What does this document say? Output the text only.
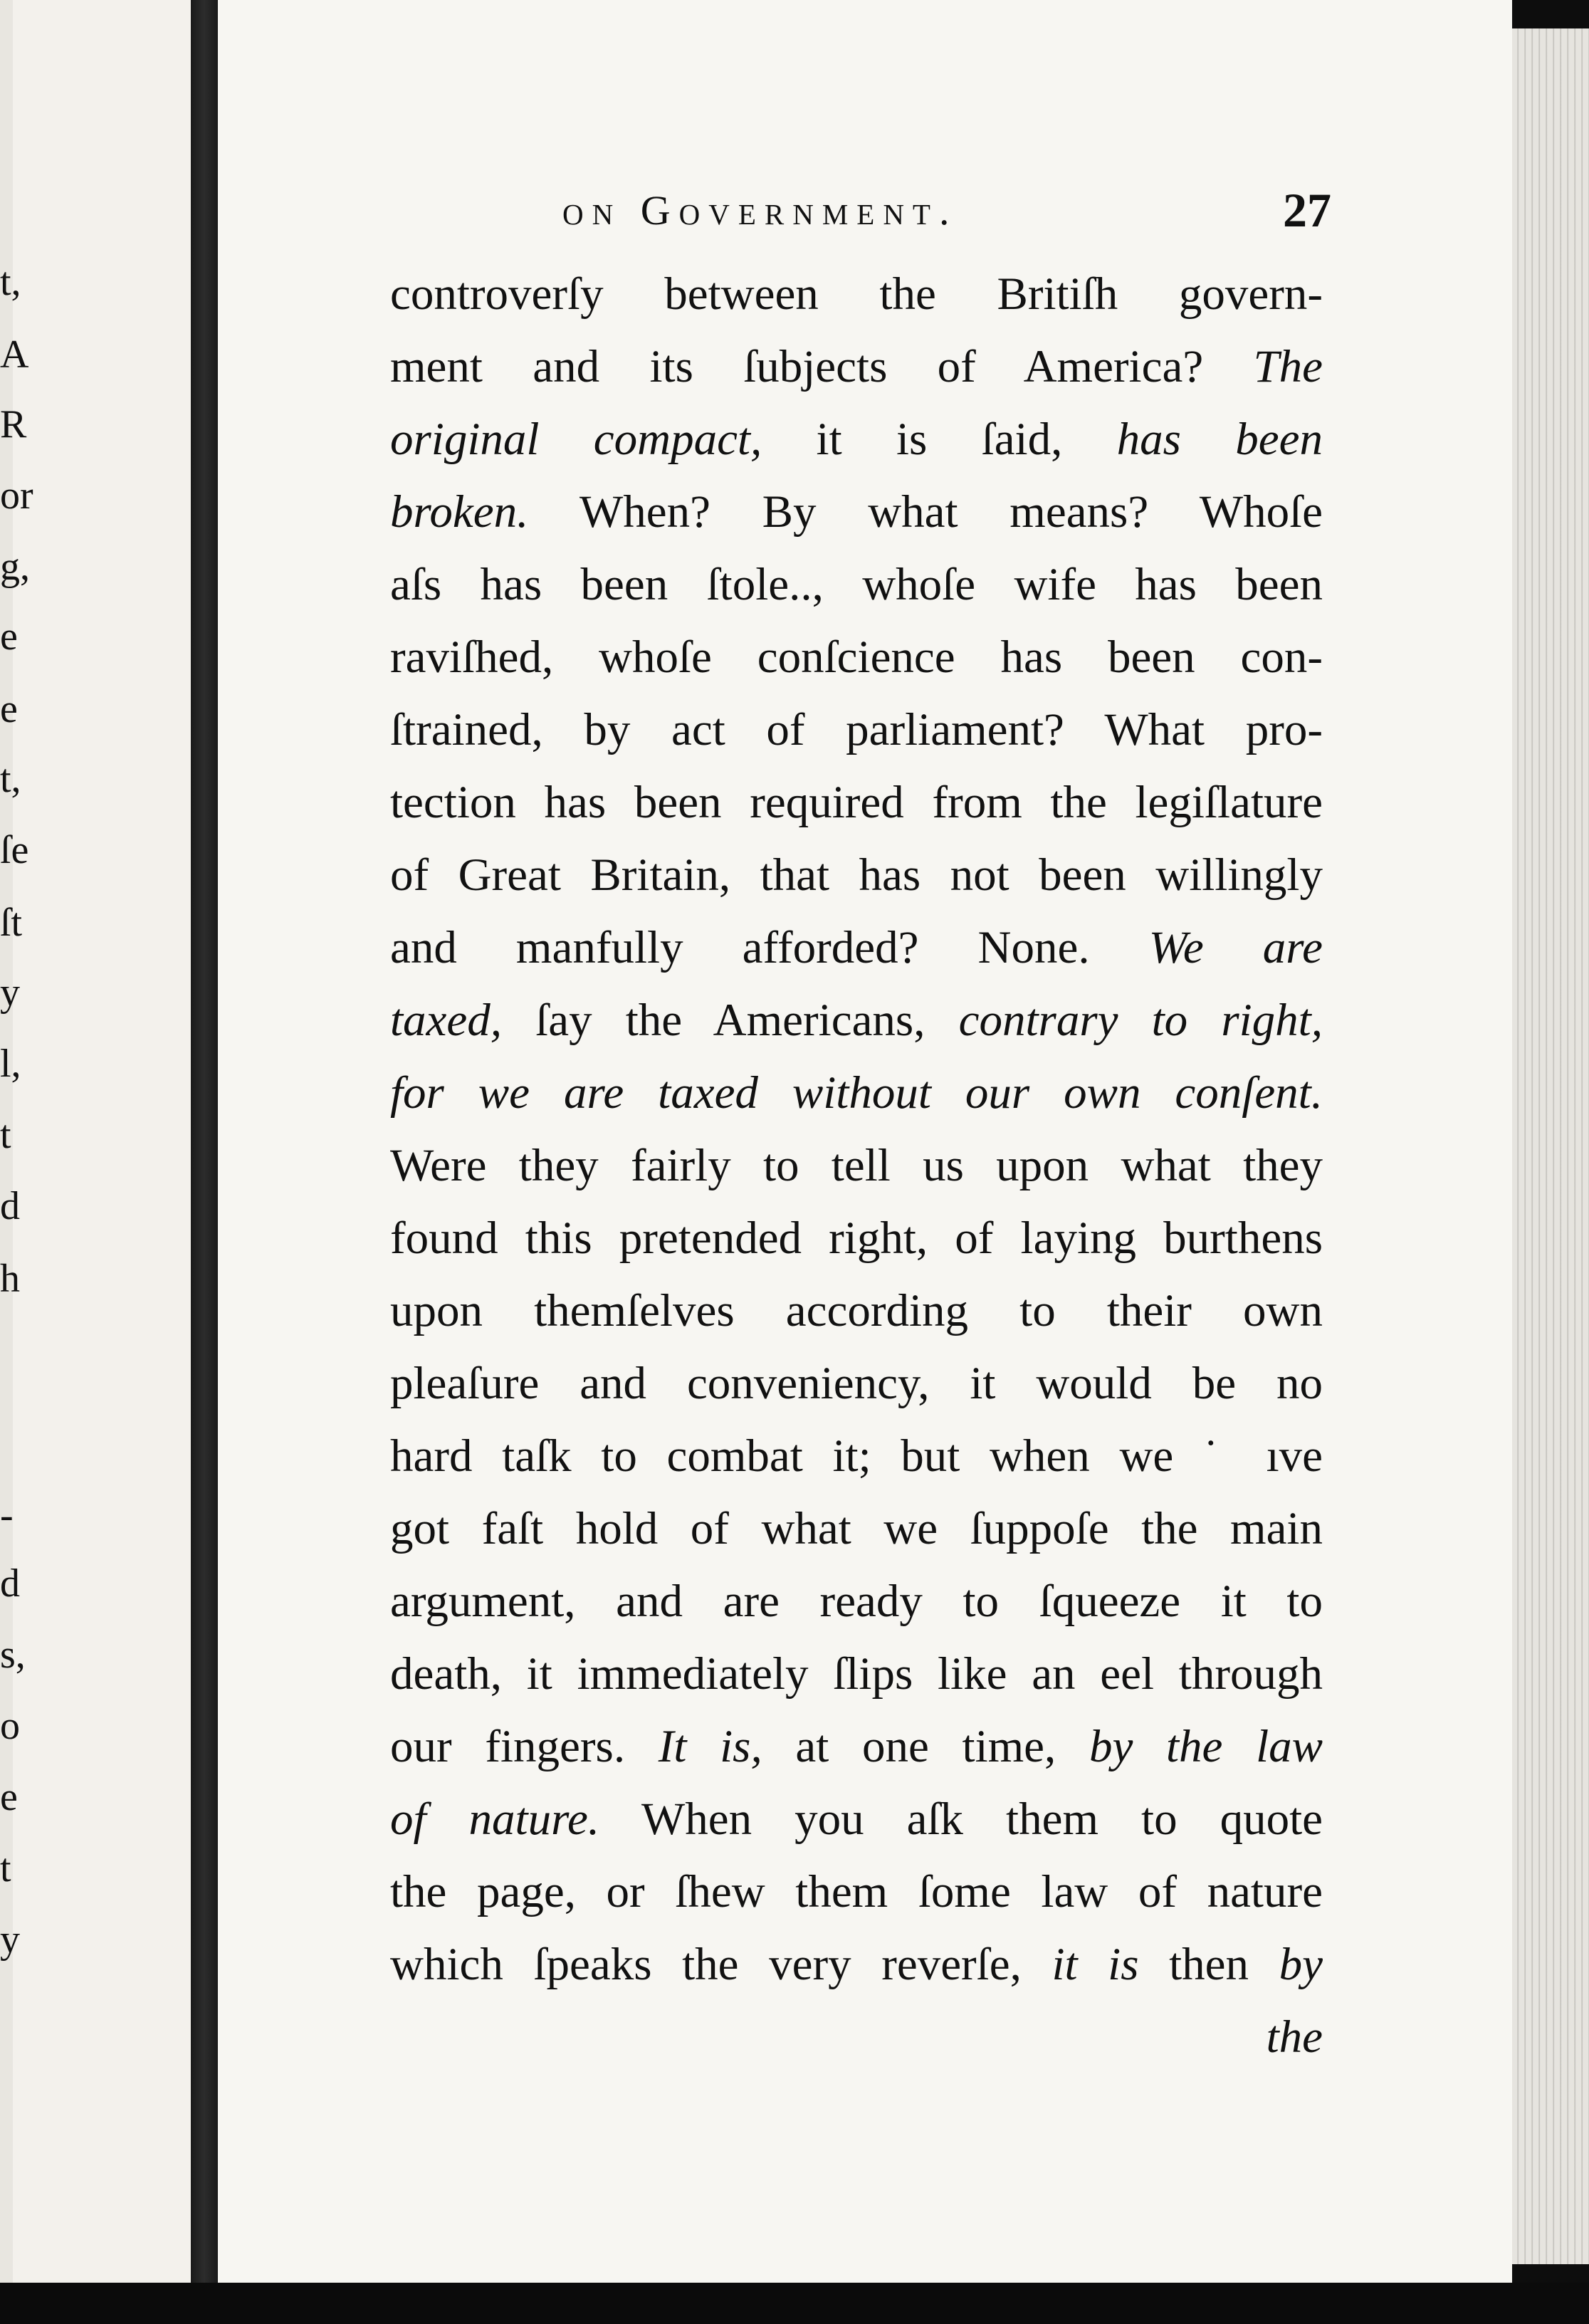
t,
A
R
or
g,
e
e
t,
ſe
ſt
y
l,
t
d
h
-
d
s,
o
e
t
y
on Government.	27
controverſy between the Britiſh govern-
ment and its ſubjects of America? The
original compact, it is ſaid, has been
broken. When? By what means? Whoſe
aſs has been ſtole.., whoſe wife has been
raviſhed, whoſe conſcience has been con-
ſtrained, by act of parliament? What pro-
tection has been required from the legiſlature
of Great Britain, that has not been willingly
and manfully afforded? None. We are
taxed, ſay the Americans, contrary to right,
for we are taxed without our own conſent.
Were they fairly to tell us upon what they
found this pretended right, of laying burthens
upon themſelves according to their own
pleaſure and conveniency, it would be no
hard taſk to combat it; but when we ˙ ıve
got faſt hold of what we ſuppoſe the main
argument, and are ready to ſqueeze it to
death, it immediately ſlips like an eel through
our fingers. It is, at one time, by the law
of nature. When you aſk them to quote
the page, or ſhew them ſome law of nature
which ſpeaks the very reverſe, it is then by
the
